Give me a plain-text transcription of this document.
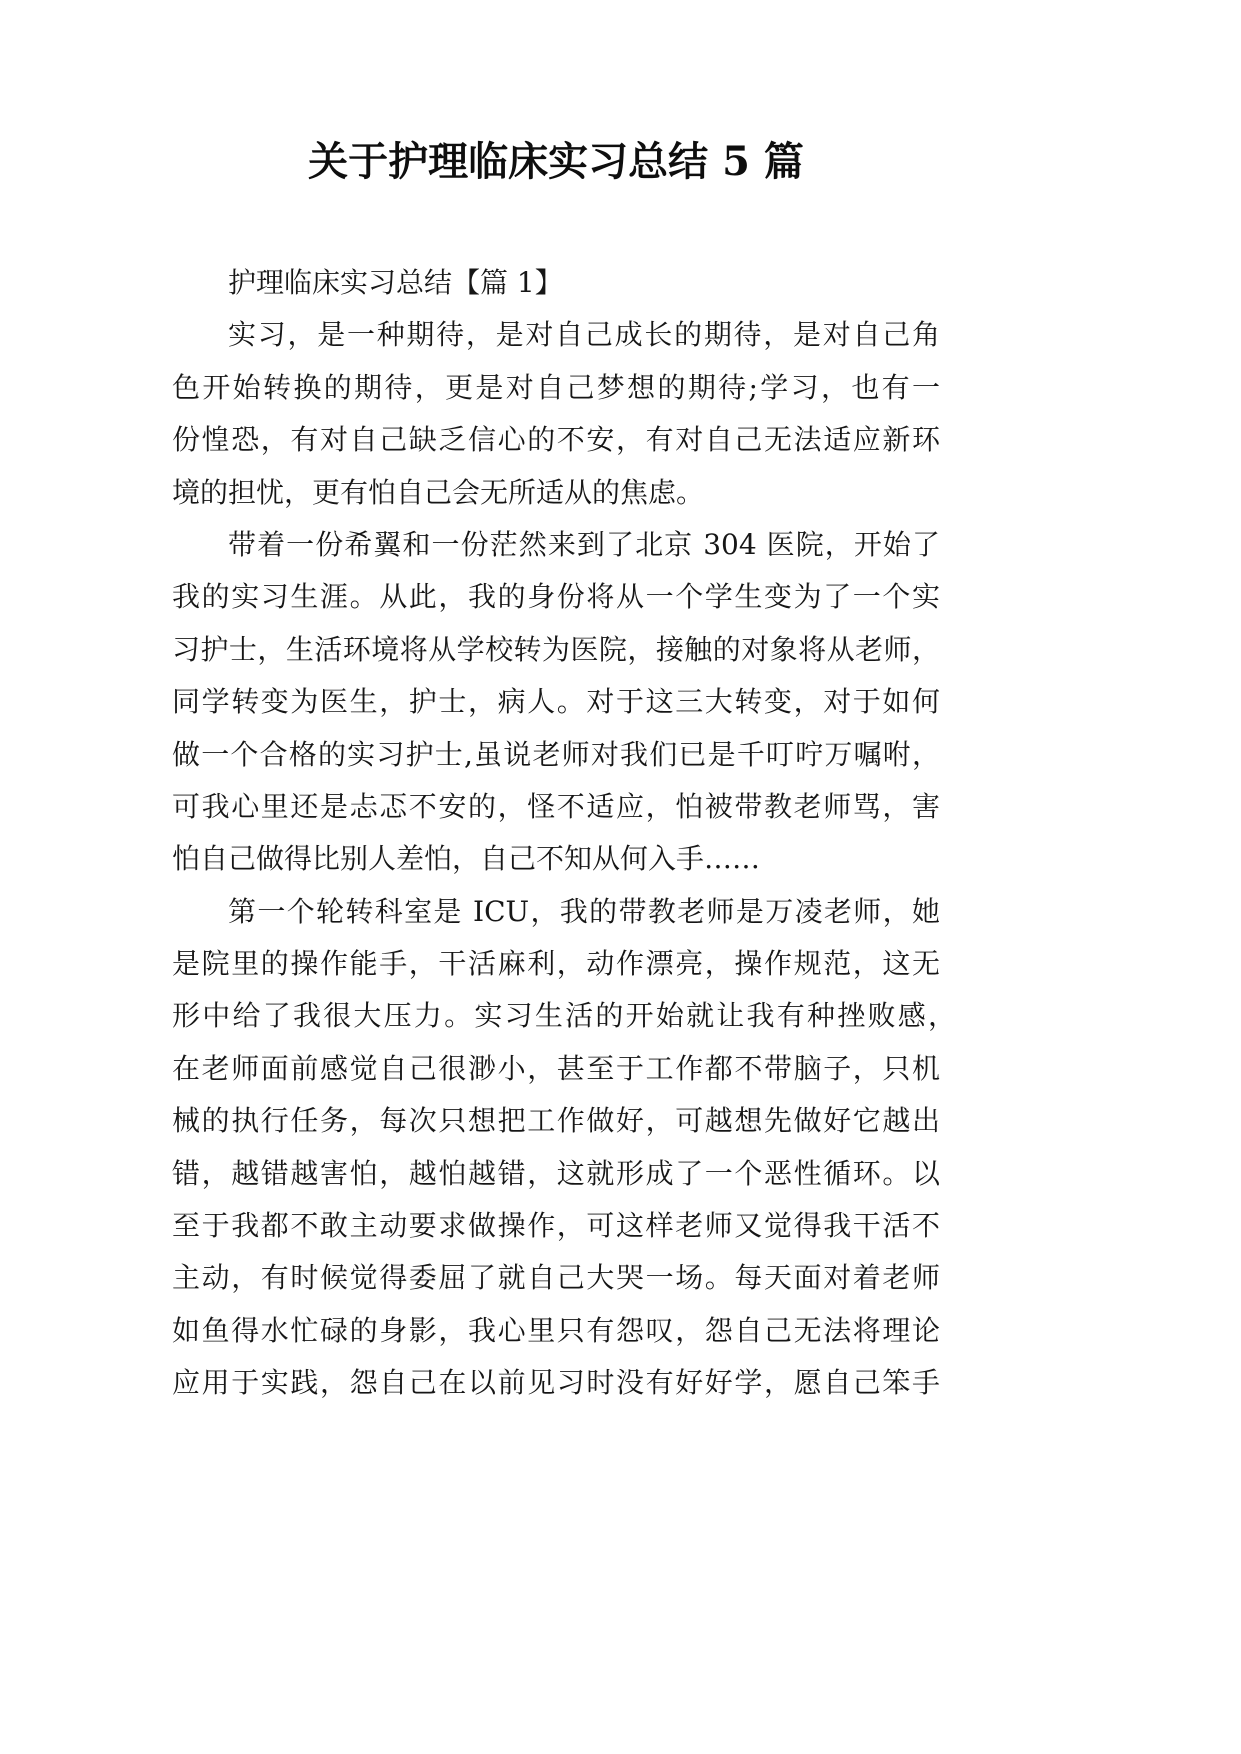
关于护理临床实习总结 5 篇
护理临床实习总结【篇 1】
实习，是一种期待，是对自己成长的期待，是对自己角
色开始转换的期待，更是对自己梦想的期待;学习，也有一
份惶恐，有对自己缺乏信心的不安，有对自己无法适应新环
境的担忧，更有怕自己会无所适从的焦虑。
带着一份希翼和一份茫然来到了北京 304 医院，开始了
我的实习生涯。从此，我的身份将从一个学生变为了一个实
习护士，生活环境将从学校转为医院，接触的对象将从老师，
同学转变为医生，护士，病人。对于这三大转变，对于如何
做一个合格的实习护士,虽说老师对我们已是千叮咛万嘱咐，
可我心里还是忐忑不安的，怪不适应，怕被带教老师骂，害
怕自己做得比别人差怕，自己不知从何入手……
第一个轮转科室是 ICU，我的带教老师是万凌老师，她
是院里的操作能手，干活麻利，动作漂亮，操作规范，这无
形中给了我很大压力。实习生活的开始就让我有种挫败感，
在老师面前感觉自己很渺小，甚至于工作都不带脑子，只机
械的执行任务，每次只想把工作做好，可越想先做好它越出
错，越错越害怕，越怕越错，这就形成了一个恶性循环。以
至于我都不敢主动要求做操作，可这样老师又觉得我干活不
主动，有时候觉得委屈了就自己大哭一场。每天面对着老师
如鱼得水忙碌的身影，我心里只有怨叹，怨自己无法将理论
应用于实践，怨自己在以前见习时没有好好学，愿自己笨手
